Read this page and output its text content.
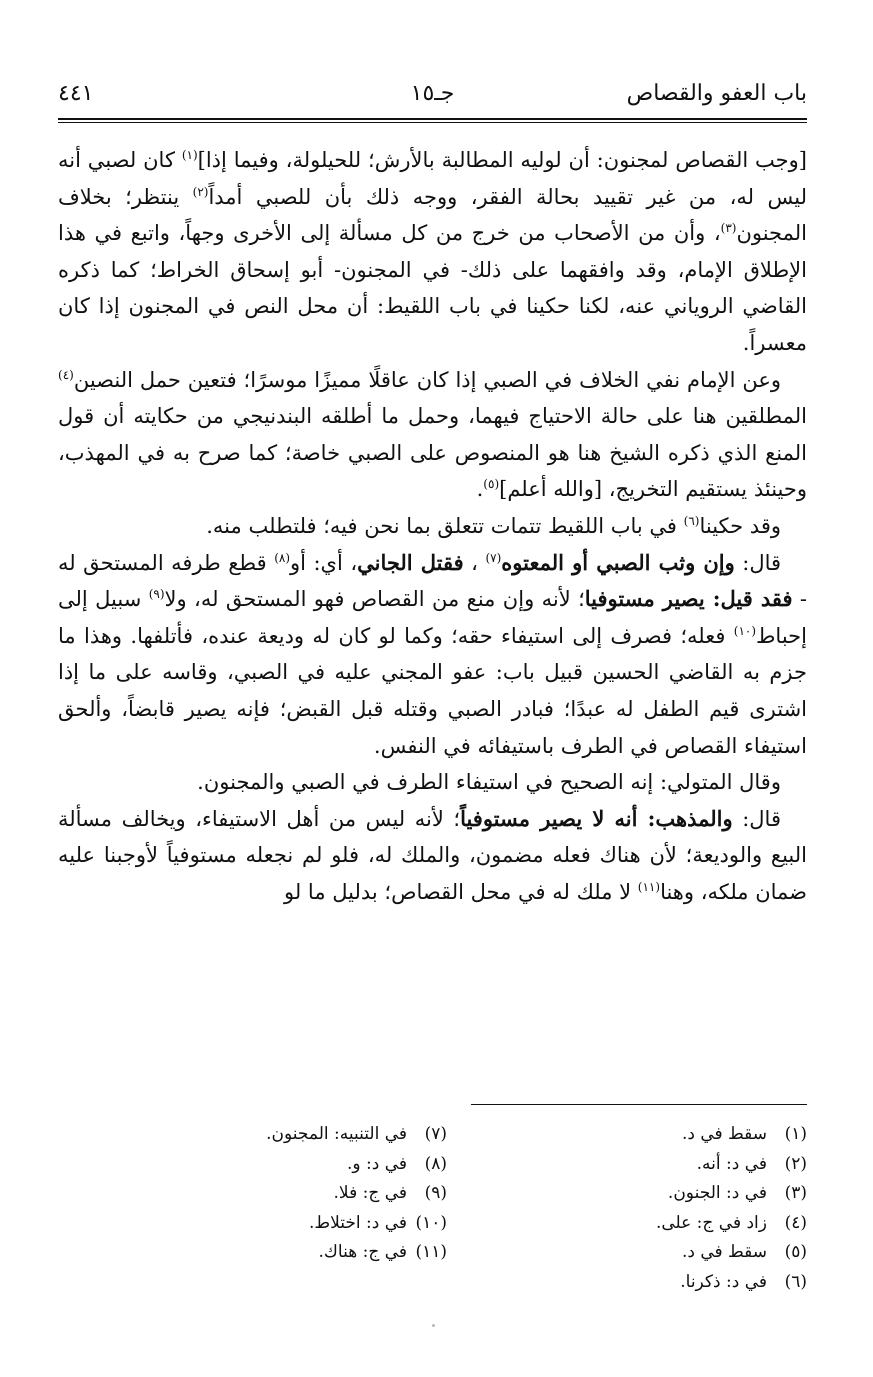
باب العفو والقصاص
جـ١٥
٤٤١

[وجب القصاص لمجنون: أن لوليه المطالبة بالأرش؛ للحيلولة، وفيما إذا]$^{(١)}$ كان لصبي أنه ليس له، من غير تقييد بحالة الفقر، ووجه ذلك بأن للصبي أمداً$^{(٢)}$ ينتظر؛ بخلاف المجنون$^{(٣)}$، وأن من الأصحاب من خرج من كل مسألة إلى الأخرى وجهاً، واتبع في هذا الإطلاق الإمام، وقد وافقهما على ذلك- في المجنون- أبو إسحاق الخراط؛ كما ذكره القاضي الروياني عنه، لكنا حكينا في باب اللقيط: أن محل النص في المجنون إذا كان معسراً.

وعن الإمام نفي الخلاف في الصبي إذا كان عاقلًا مميزًا موسرًا؛ فتعين حمل النصين$^{(٤)}$ المطلقين هنا على حالة الاحتياج فيهما، وحمل ما أطلقه البندنيجي من حكايته أن قول المنع الذي ذكره الشيخ هنا هو المنصوص على الصبي خاصة؛ كما صرح به في المهذب، وحينئذ يستقيم التخريج، [والله أعلم]$^{(٥)}$.

وقد حكينا$^{(٦)}$ في باب اللقيط تتمات تتعلق بما نحن فيه؛ فلتطلب منه.

قال: وإن وثب الصبي أو المعتوه$^{(٧)}$ ، فقتل الجاني، أي: أو$^{(٨)}$ قطع طرفه المستحق له - فقد قيل: يصير مستوفيا؛ لأنه وإن منع من القصاص فهو المستحق له، ولا$^{(٩)}$ سبيل إلى إحباط$^{(١٠)}$ فعله؛ فصرف إلى استيفاء حقه؛ وكما لو كان له وديعة عنده، فأتلفها. وهذا ما جزم به القاضي الحسين قبيل باب: عفو المجني عليه في الصبي، وقاسه على ما إذا اشترى قيم الطفل له عبدًا؛ فبادر الصبي وقتله قبل القبض؛ فإنه يصير قابضاً، وألحق استيفاء القصاص في الطرف باستيفائه في النفس.

وقال المتولي: إنه الصحيح في استيفاء الطرف في الصبي والمجنون.

قال: والمذهب: أنه لا يصير مستوفياً؛ لأنه ليس من أهل الاستيفاء، ويخالف مسألة البيع والوديعة؛ لأن هناك فعله مضمون، والملك له، فلو لم نجعله مستوفياً لأوجبنا عليه ضمان ملكه، وهنا$^{(١١)}$ لا ملك له في محل القصاص؛ بدليل ما لو

(١)سقط في د.
(٢)في د: أنه.
(٣)في د: الجنون.
(٤)زاد في ج: على.
(٥)سقط في د.
(٦)في د: ذكرنا.
(٧)في التنبيه: المجنون.
(٨)في د: و.
(٩)في ج: فلا.
(١٠)في د: اختلاط.
(١١)في ج: هناك.
